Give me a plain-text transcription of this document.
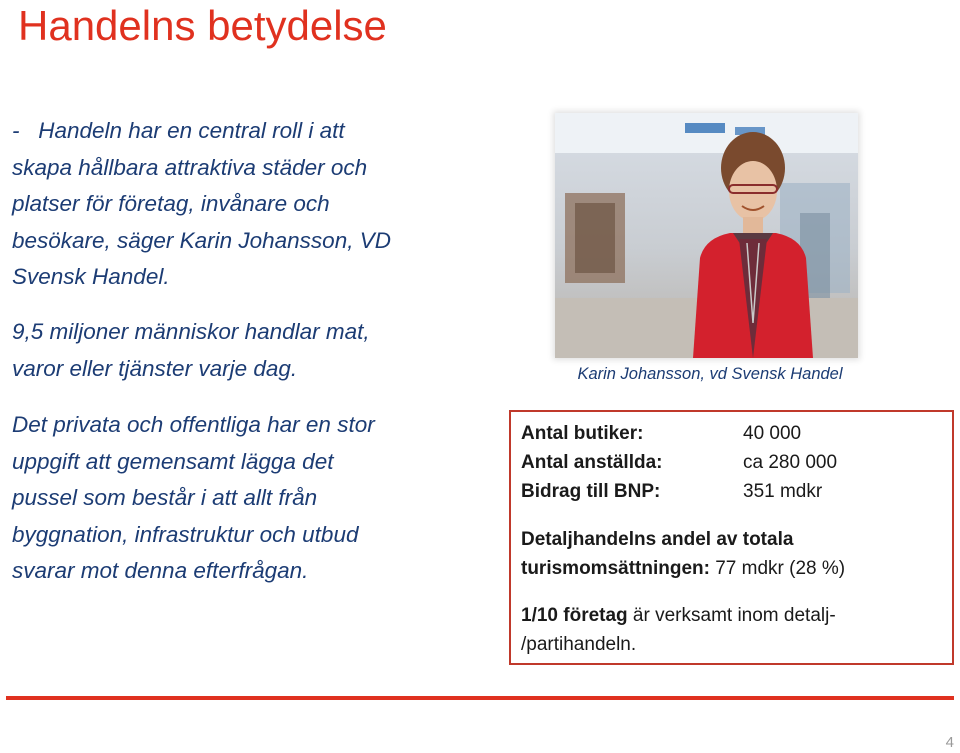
Handelns betydelse

-   Handeln har en central roll i att

skapa hållbara attraktiva städer och

platser för företag, invånare och

besökare, säger Karin Johansson, VD

Svensk Handel.

9,5 miljoner människor handlar mat,

varor eller tjänster varje dag.

Det privata och offentliga har en stor

uppgift att gemensamt lägga det

pussel som består i att allt från

byggnation, infrastruktur och utbud

svarar mot denna efterfrågan.

Karin Johansson, vd Svensk Handel
Antal butiker:	40 000
Antal anställda:	ca 280 000
Bidrag till BNP:	351 mdkr
Detaljhandelns andel av totala
turismomsättningen: 77 mdkr (28 %)
1/10 företag är verksamt inom detalj-
/partihandeln.
4
